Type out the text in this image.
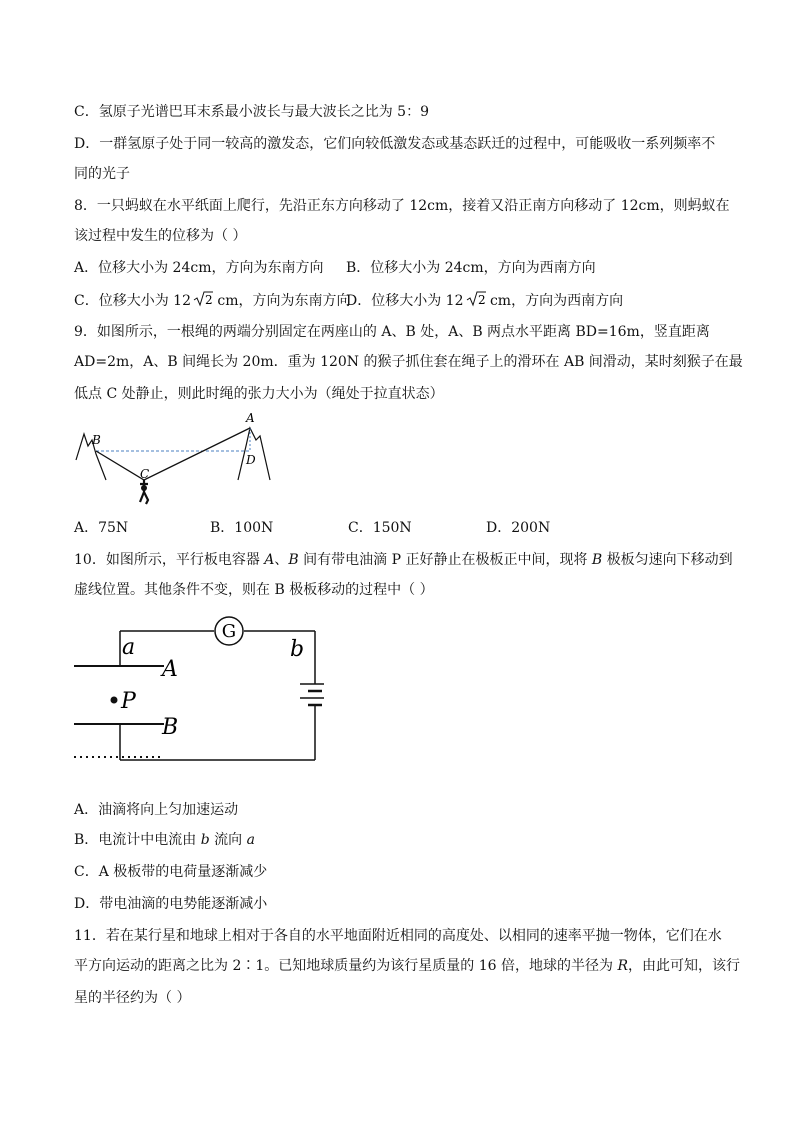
C．氢原子光谱巴耳末系最小波长与最大波长之比为 5：9
D．一群氢原子处于同一较高的激发态，它们向较低激发态或基态跃迁的过程中，可能吸收一系列频率不
同的光子
8．一只蚂蚁在水平纸面上爬行，先沿正东方向移动了 12cm，接着又沿正南方向移动了 12cm，则蚂蚁在
该过程中发生的位移为（ ）
A．位移大小为 24cm，方向为东南方向 B．位移大小为 24cm，方向为西南方向
C．位移大小为 12 2 cm，方向为东南方向
D．位移大小为 12 2 cm，方向为西南方向
9．如图所示，一根绳的两端分别固定在两座山的 A、B 处，A、B 两点水平距离 BD=16m，竖直距离
AD=2m，A、B 间绳长为 20m．重为 120N 的猴子抓住套在绳子上的滑环在 AB 间滑动，某时刻猴子在最
低点 C 处静止，则此时绳的张力大小为（绳处于拉直状态）
B
A
C
D
A．75N	B．100N	C．150N	D．200N
10．如图所示，平行板电容器 A、B 间有带电油滴 P 正好静止在极板正中间，现将 B 极板匀速向下移动到
虚线位置。其他条件不变，则在 B 极板移动的过程中（ ）
G
a	b
A
B
P
A．油滴将向上匀加速运动
B．电流计中电流由 b 流向 a
C．A 极板带的电荷量逐渐减少
D．带电油滴的电势能逐渐减小
11．若在某行星和地球上相对于各自的水平地面附近相同的高度处、以相同的速率平抛一物体，它们在水
平方向运动的距离之比为 2∶1。已知地球质量约为该行星质量的 16 倍，地球的半径为 R，由此可知，该行
星的半径约为（ ）
